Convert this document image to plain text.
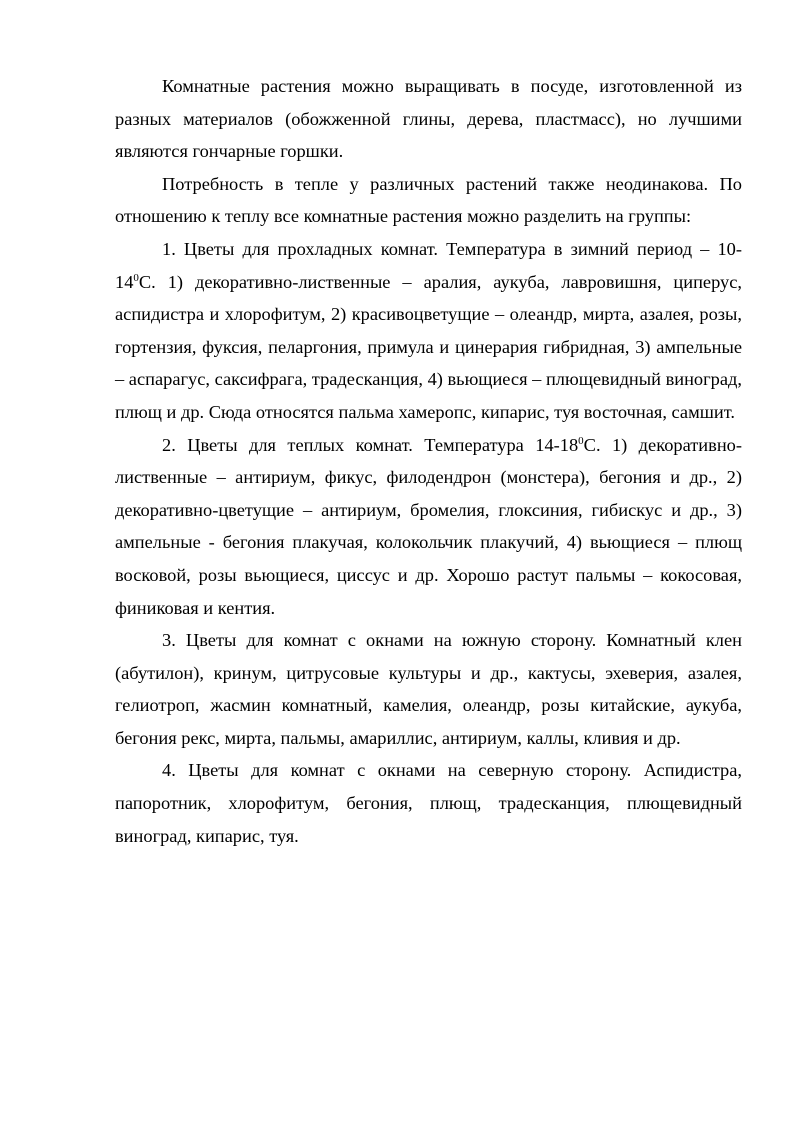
Комнатные растения можно выращивать в посуде, изготовленной из разных материалов (обожженной глины, дерева, пластмасс), но лучшими являются гончарные горшки.

Потребность в тепле у различных растений также неодинакова. По отношению к теплу все комнатные растения можно разделить на группы:

1. Цветы для прохладных комнат. Температура в зимний период – $10-14^0С$. 1) декоративно-лиственные – аралия, аукуба, лавровишня, циперус, аспидистра и хлорофитум, 2) красивоцветущие – олеандр, мирта, азалея, розы, гортензия, фуксия, пеларгония, примула и цинерария гибридная, 3) ампельные – аспарагус, саксифрага, традесканция, 4) вьющиеся – плющевидный виноград, плющ и др. Сюда относятся пальма хамеропс, кипарис, туя восточная, самшит.

2. Цветы для теплых комнат. Температура $14-18^0С$. 1) декоративно-лиственные – антириум, фикус, филодендрон (монстера), бегония и др., 2) декоративно-цветущие – антириум, бромелия, глоксиния, гибискус и др., 3) ампельные - бегония плакучая, колокольчик плакучий, 4) вьющиеся – плющ восковой, розы вьющиеся, циссус и др. Хорошо растут пальмы – кокосовая, финиковая и кентия.

3. Цветы для комнат с окнами на южную сторону. Комнатный клен (абутилон), кринум, цитрусовые культуры и др., кактусы, эхеверия, азалея, гелиотроп, жасмин комнатный, камелия, олеандр, розы китайские, аукуба, бегония рекс, мирта, пальмы, амариллис, антириум, каллы, кливия и др.

4. Цветы для комнат с окнами на северную сторону. Аспидистра, папоротник, хлорофитум, бегония, плющ, традесканция, плющевидный виноград, кипарис, туя.
